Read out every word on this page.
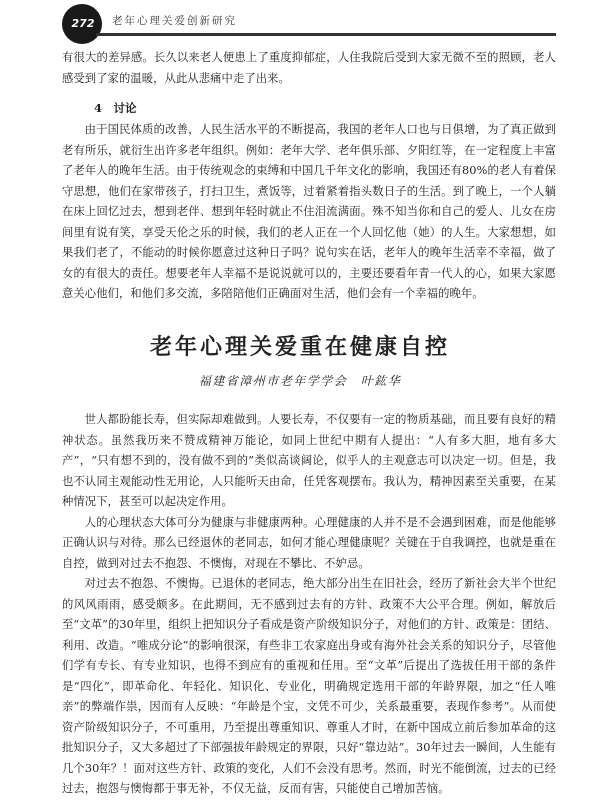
272	老年心理关爱创新研究

有很大的差异感。长久以来老人便患上了重度抑郁症，人住我院后受到大家无微不至的照顾，老人感受到了家的温暖，从此从悲痛中走了出来。

4　讨论

由于国民体质的改善，人民生活水平的不断提高，我国的老年人口也与日俱增，为了真正做到老有所乐，就衍生出许多老年组织。例如：老年大学、老年俱乐部、夕阳红等，在一定程度上丰富了老年人的晚年生活。由于传统观念的束缚和中国几千年文化的影响，我国还有80%的老人有着保守思想，他们在家带孩子，打扫卫生，煮饭等，过着紧着指头数日子的生活。到了晚上，一个人躺在床上回忆过去，想到老伴、想到年轻时就止不住泪流满面。殊不知当你和自己的爱人、儿女在房间里有说有笑，享受天伦之乐的时候，我们的老人正在一个人回忆他（她）的人生。大家想想，如果我们老了，不能动的时候你愿意过这种日子吗？说句实在话，老年人的晚年生活幸不幸福，做了女的有很大的责任。想要老年人幸福不是说说就可以的，主要还要看年青一代人的心，如果大家愿意关心他们，和他们多交流，多陪陪他们正确面对生活，他们会有一个幸福的晚年。

老年心理关爱重在健康自控
福建省漳州市老年学学会　叶鈜华

世人都盼能长寿，但实际却难做到。人要长寿，不仅要有一定的物质基础，而且要有良好的精神状态。虽然我历来不赞成精神万能论，如同上世纪中期有人提出：“人有多大胆，地有多大产”，“只有想不到的，没有做不到的”类似高谈阔论，似乎人的主观意志可以决定一切。但是，我也不认同主观能动性无用论，人只能听天由命，任凭客观摆布。我认为，精神因素至关重要，在某种情况下，甚至可以起决定作用。

人的心理状态大体可分为健康与非健康两种。心理健康的人并不是不会遇到困难，而是他能够正确认识与对待。那么已经退休的老同志，如何才能心理健康呢？关键在于自我调控，也就是重在自控，做到对过去不抱怨、不懊悔，对现在不攀比、不妒忌。

对过去不抱怨、不懊悔。已退休的老同志，绝大部分出生在旧社会，经历了新社会大半个世纪的风风雨雨，感受颇多。在此期间，无不感到过去有的方针、政策不大公平合理。例如，解放后至“文革”的30年里，组织上把知识分子看成是资产阶级知识分子，对他们的方针、政策是：团结、利用、改造。“唯成分论”的影响很深，有些非工农家庭出身或有海外社会关系的知识分子，尽管他们学有专长、有专业知识，也得不到应有的重视和任用。至“文革”后提出了选拔任用干部的条件是“四化”，即革命化、年轻化、知识化、专业化，明确规定选用干部的年龄界限，加之“任人唯亲”的弊端作祟，因而有人反映：“年龄是个宝，文凭不可少，关系最重要，表现作参考”。从而使资产阶级知识分子，不可重用，乃至提出尊重知识、尊重人才时，在新中国成立前后参加革命的这批知识分子，又大多超过了下部强拔年龄规定的界限，只好“靠边站”。30年过去一瞬间，人生能有几个30年？！面对这些方针、政策的变化，人们不会没有思考。然而，时光不能倒流，过去的已经过去，抱怨与懊悔都于事无补，不仅无益，反而有害，只能使自己增加苦恼。
